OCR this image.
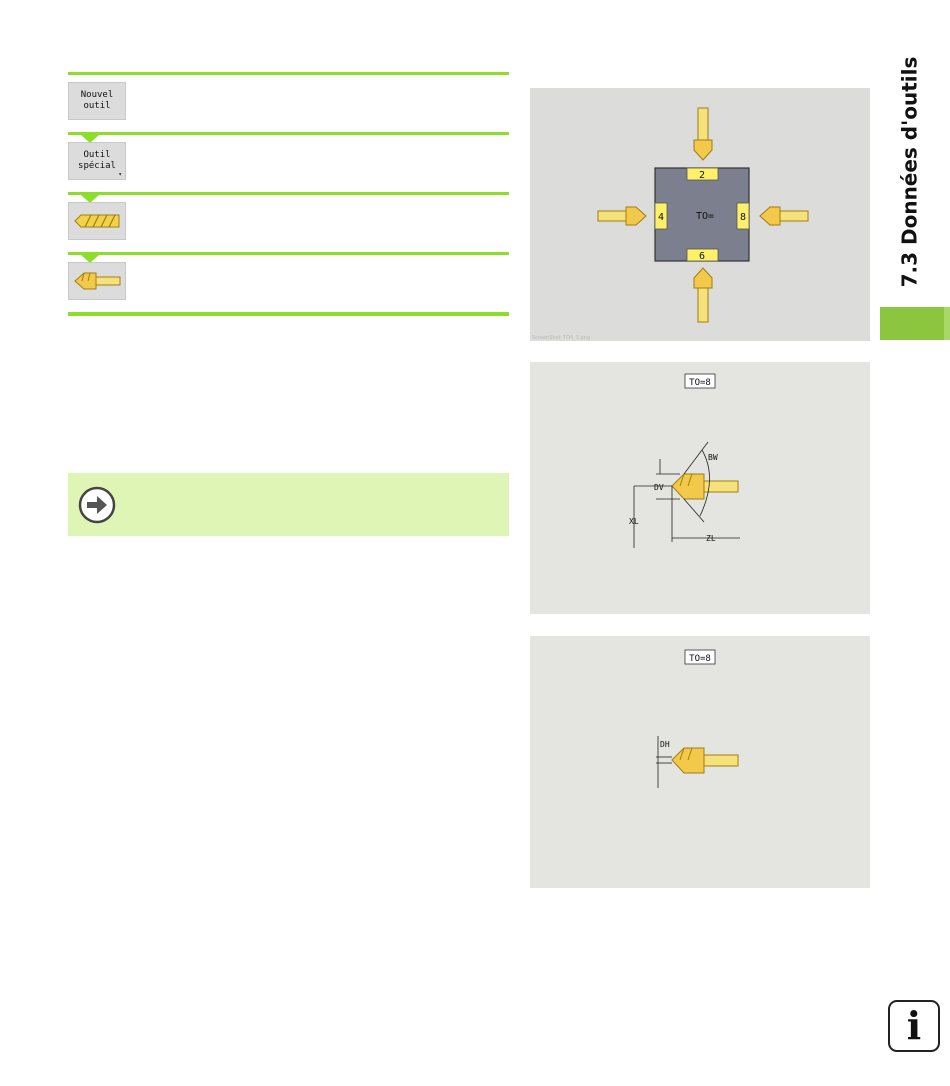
Nouvel
outil
Outil
spécial
▾	2
4	8
6
TO=
ScreenShot_TO4_3.png
TO=8
BW
DV
XL
ZL
TO=8
DH
7.3 Données d'outils
i
